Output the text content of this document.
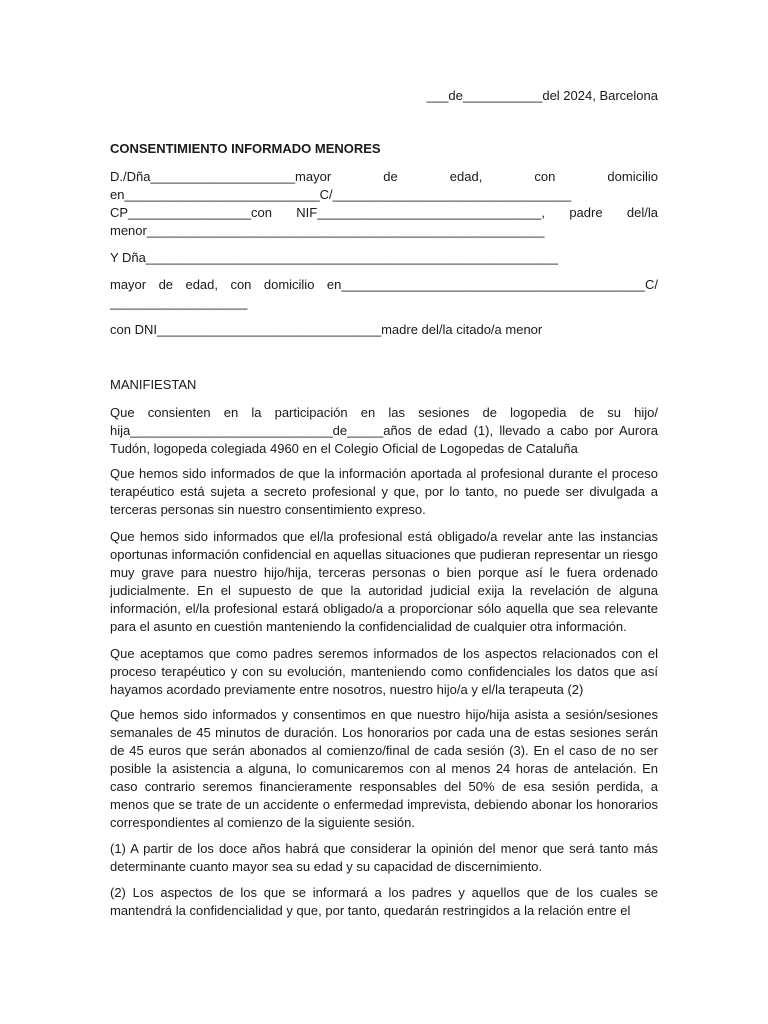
___de___________del 2024, Barcelona

CONSENTIMIENTO INFORMADO MENORES

D./Dña____________________mayor de edad, con domicilio

en___________________________C/_________________________________

CP_________________con NIF_______________________________, padre del/la

menor_______________________________________________________

Y Dña_________________________________________________________

mayor de edad, con domicilio en__________________________________________C/

___________________

con DNI_______________________________madre del/la citado/a menor

MANIFIESTAN

Que consienten en la participación en las sesiones de logopedia de su hijo/ hija____________________________de_____años de edad (1), llevado a cabo por Aurora Tudón, logopeda colegiada 4960 en el Colegio Oficial de Logopedas de Cataluña

Que hemos sido informados de que la información aportada al profesional durante el proceso terapéutico está sujeta a secreto profesional y que, por lo tanto, no puede ser divulgada a terceras personas sin nuestro consentimiento expreso.

Que hemos sido informados que el/la profesional está obligado/a revelar ante las instancias oportunas información confidencial en aquellas situaciones que pudieran representar un riesgo muy grave para nuestro hijo/hija, terceras personas o bien porque así le fuera ordenado judicialmente. En el supuesto de que la autoridad judicial exija la revelación de alguna información, el/la profesional estará obligado/a a proporcionar sólo aquella que sea relevante para el asunto en cuestión manteniendo la confidencialidad de cualquier otra información.

Que aceptamos que como padres seremos informados de los aspectos relacionados con el proceso terapéutico y con su evolución, manteniendo como confidenciales los datos que así hayamos acordado previamente entre nosotros, nuestro hijo/a y el/la terapeuta (2)

Que hemos sido informados y consentimos en que nuestro hijo/hija asista a sesión/sesiones semanales de 45 minutos de duración. Los honorarios por cada una de estas sesiones serán de 45 euros que serán abonados al comienzo/final de cada sesión (3). En el caso de no ser posible la asistencia a alguna, lo comunicaremos con al menos 24 horas de antelación. En caso contrario seremos financieramente responsables del 50% de esa sesión perdida, a menos que se trate de un accidente o enfermedad imprevista, debiendo abonar los honorarios correspondientes al comienzo de la siguiente sesión.

(1) A partir de los doce años habrá que considerar la opinión del menor que será tanto más determinante cuanto mayor sea su edad y su capacidad de discernimiento.

(2) Los aspectos de los que se informará a los padres y aquellos que de los cuales se mantendrá la confidencialidad y que, por tanto, quedarán restringidos a la relación entre el
